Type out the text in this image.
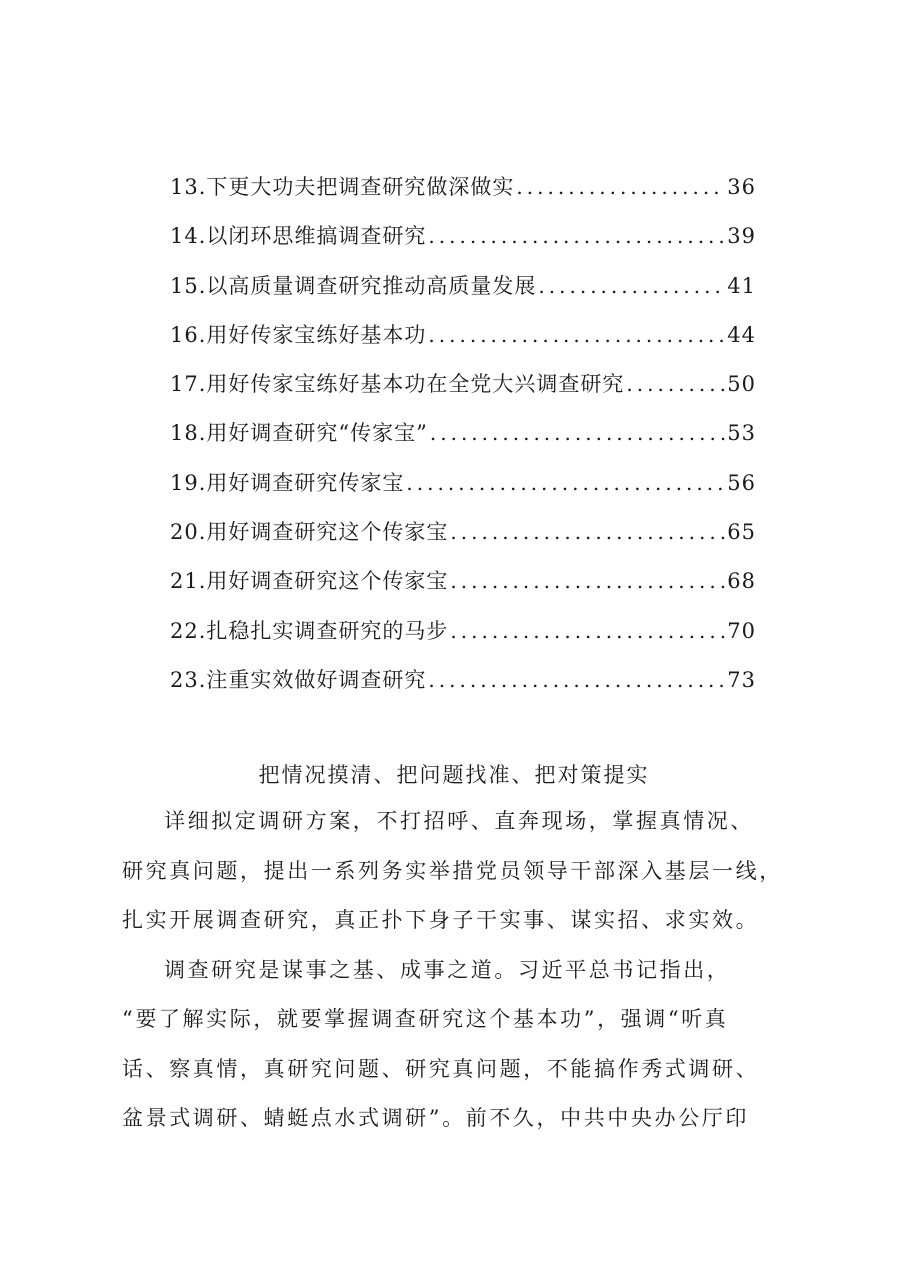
13.下更大功夫把调查研究做深做实 .....	36
14.以闭环思维搞调查研究 .....	39
15.以高质量调查研究推动高质量发展 .....	41
16.用好传家宝练好基本功 .....	44
17.用好传家宝练好基本功在全党大兴调查研究 .....	50
18.用好调查研究“传家宝” .....	53
19.用好调查研究传家宝 .....	56
20.用好调查研究这个传家宝 .....	65
21.用好调查研究这个传家宝 .....	68
22.扎稳扎实调查研究的马步 .....	70
23.注重实效做好调查研究 .....	73
把情况摸清、把问题找准、把对策提实

详细拟定调研方案，不打招呼、直奔现场，掌握真情况、
研究真问题，提出一系列务实举措党员领导干部深入基层一线，
扎实开展调查研究，真正扑下身子干实事、谋实招、求实效。

调查研究是谋事之基、成事之道。习近平总书记指出，
“要了解实际，就要掌握调查研究这个基本功”，强调“听真
话、察真情，真研究问题、研究真问题，不能搞作秀式调研、
盆景式调研、蜻蜓点水式调研”。前不久，中共中央办公厅印
